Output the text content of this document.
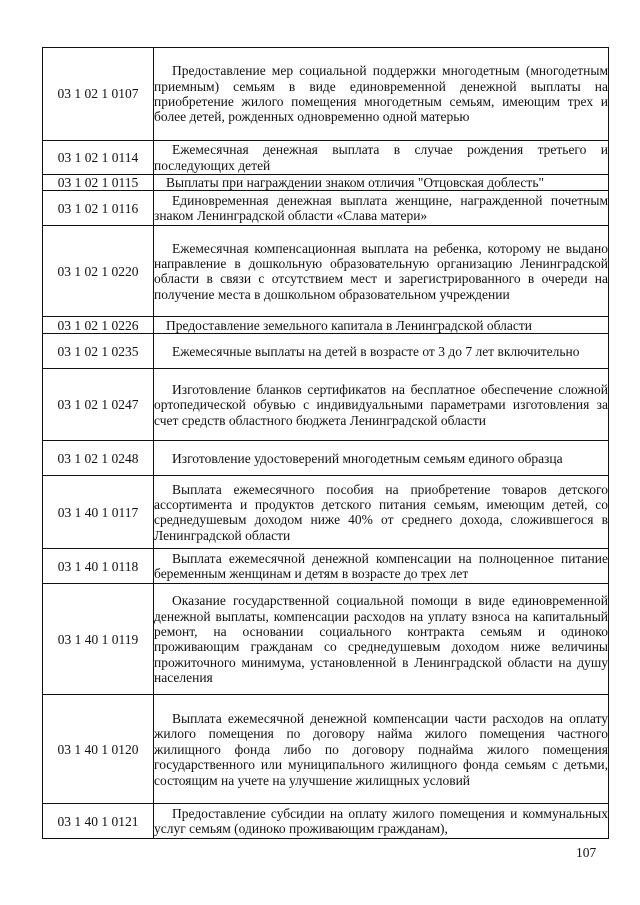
03 1 02 1 0107	Предоставление мер социальной поддержки многодетным (многодетным приемным) семьям в виде единовременной денежной выплаты на приобретение жилого помещения многодетным семьям, имеющим трех и более детей, рожденных одновременно одной матерью

03 1 02 1 0114	Ежемесячная денежная выплата в случае рождения третьего и последующих детей

03 1 02 1 0115	Выплаты при награждении знаком отличия "Отцовская доблесть"

03 1 02 1 0116	Единовременная денежная выплата женщине, награжденной почетным знаком Ленинградской области «Слава матери»

03 1 02 1 0220	Ежемесячная компенсационная выплата на ребенка, которому не выдано направление в дошкольную образовательную организацию Ленинградской области в связи с отсутствием мест и зарегистрированного в очереди на получение места в дошкольном образовательном учреждении

03 1 02 1 0226	Предоставление земельного капитала в Ленинградской области

03 1 02 1 0235	Ежемесячные выплаты на детей в возрасте от 3 до 7 лет включительно

03 1 02 1 0247	Изготовление бланков сертификатов на бесплатное обеспечение сложной ортопедической обувью с индивидуальными параметрами изготовления за счет средств областного бюджета Ленинградской области

03 1 02 1 0248	Изготовление удостоверений многодетным семьям единого образца

03 1 40 1 0117	Выплата ежемесячного пособия на приобретение товаров детского ассортимента и продуктов детского питания семьям, имеющим детей, со среднедушевым доходом ниже 40% от среднего дохода, сложившегося в Ленинградской области

03 1 40 1 0118	Выплата ежемесячной денежной компенсации на полноценное питание беременным женщинам и детям в возрасте до трех лет

03 1 40 1 0119	Оказание государственной социальной помощи в виде единовременной денежной выплаты, компенсации расходов на уплату взноса на капитальный ремонт, на основании социального контракта семьям и одиноко проживающим гражданам со среднедушевым доходом ниже величины прожиточного минимума, установленной в Ленинградской области на душу населения

03 1 40 1 0120	Выплата ежемесячной денежной компенсации части расходов на оплату жилого помещения по договору найма жилого помещения частного жилищного фонда либо по договору поднайма жилого помещения государственного или муниципального жилищного фонда семьям с детьми, состоящим на учете на улучшение жилищных условий

03 1 40 1 0121	Предоставление субсидии на оплату жилого помещения и коммунальных услуг семьям (одиноко проживающим гражданам),
107
